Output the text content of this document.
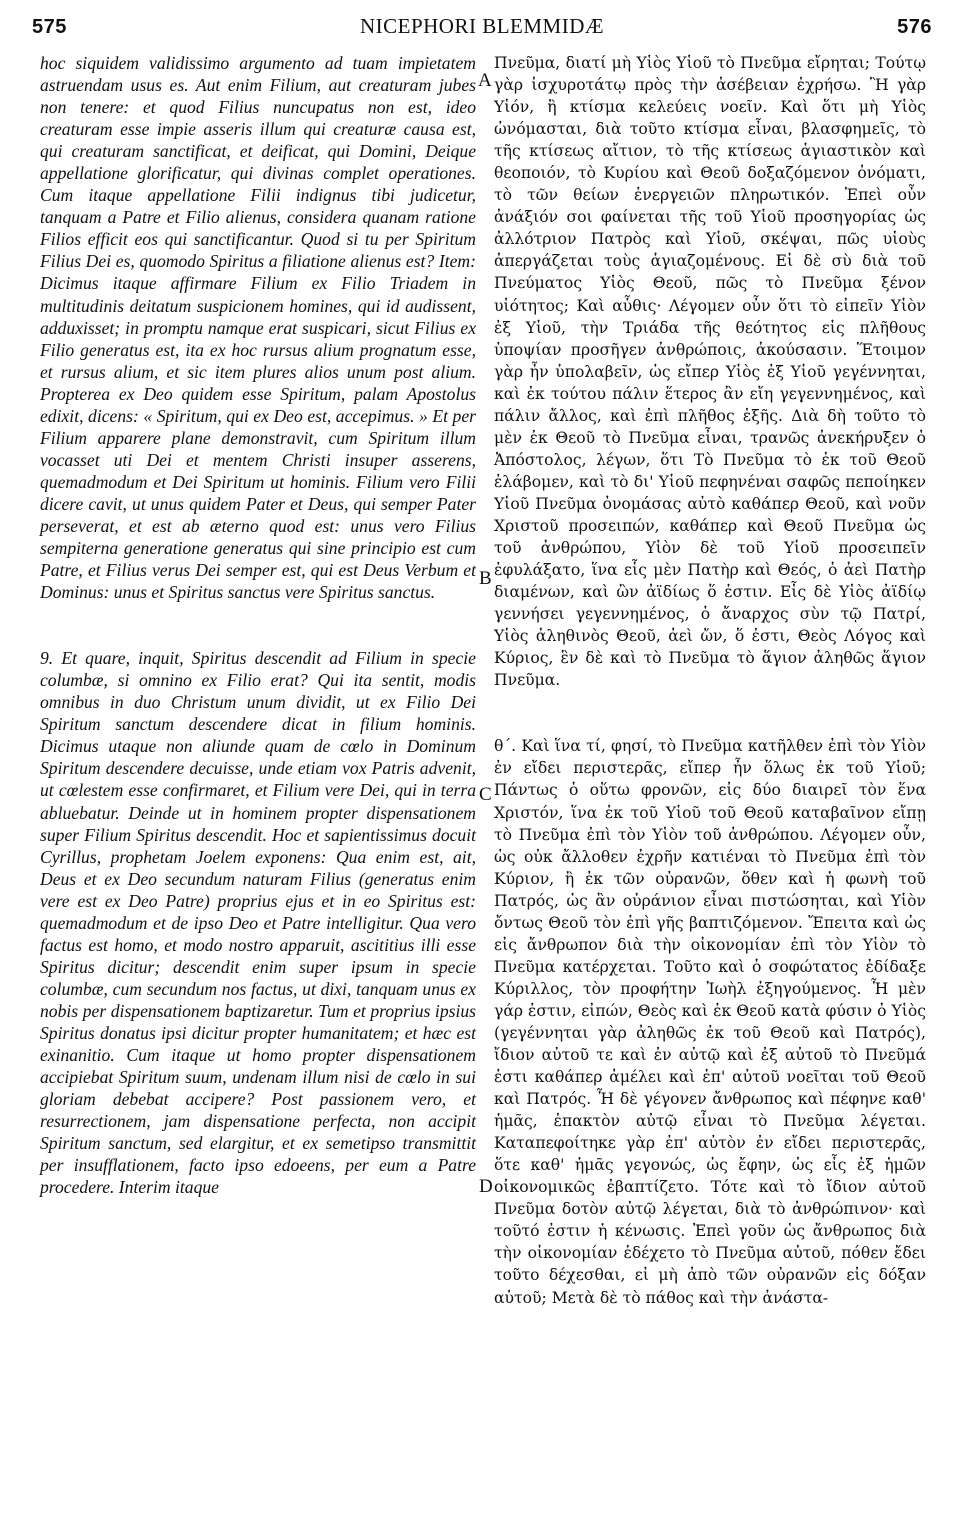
575	NICEPHORI BLEMMIDÆ	576

hoc siquidem validissimo argumento ad tuam impietatem astruendam usus es. Aut enim Filium, aut creaturam jubes non tenere: et quod Filius nuncupatus non est, ideo creaturam esse impie asseris illum qui creaturæ causa est, qui creaturam sanctificat, et deificat, qui Domini, Deique appellatione glorificatur, qui divinas complet operationes. Cum itaque appellatione Filii indignus tibi judicetur, tanquam a Patre et Filio alienus, considera quanam ratione Filios efficit eos qui sanctificantur. Quod si tu per Spiritum Filius Dei es, quomodo Spiritus a filiatione alienus est? Item: Dicimus itaque affirmare Filium ex Filio Triadem in multitudinis deitatum suspicionem homines, qui id audissent, adduxisset; in promptu namque erat suspicari, sicut Filius ex Filio generatus est, ita ex hoc rursus alium prognatum esse, et rursus alium, et sic item plures alios unum post alium. Propterea ex Deo quidem esse Spiritum, palam Apostolus edixit, dicens: « Spiritum, qui ex Deo est, accepimus. » Et per Filium apparere plane demonstravit, cum Spiritum illum vocasset uti Dei et mentem Christi insuper asserens, quemadmodum et Dei Spiritum ut hominis. Filium vero Filii dicere cavit, ut unus quidem Pater et Deus, qui semper Pater perseverat, et est ab æterno quod est: unus vero Filius sempiterna generatione generatus qui sine principio est cum Patre, et Filius verus Dei semper est, qui est Deus Verbum et Dominus: unus et Spiritus sanctus vere Spiritus sanctus.

9. Et quare, inquit, Spiritus descendit ad Filium in specie columbæ, si omnino ex Filio erat? Qui ita sentit, modis omnibus in duo Christum unum dividit, ut ex Filio Dei Spiritum sanctum descendere dicat in filium hominis. Dicimus utaque non aliunde quam de cœlo in Dominum Spiritum descendere decuisse, unde etiam vox Patris advenit, ut cœlestem esse confirmaret, et Filium vere Dei, qui in terra abluebatur. Deinde ut in hominem propter dispensationem super Filium Spiritus descendit. Hoc et sapientissimus docuit Cyrillus, prophetam Joelem exponens: Qua enim est, ait, Deus et ex Deo secundum naturam Filius (generatus enim vere est ex Deo Patre) proprius ejus et in eo Spiritus est: quemadmodum et de ipso Deo et Patre intelligitur. Qua vero factus est homo, et modo nostro apparuit, ascititius illi esse Spiritus dicitur; descendit enim super ipsum in specie columbæ, cum secundum nos factus, ut dixi, tanquam unus ex nobis per dispensationem baptizaretur. Tum et proprius ipsius Spiritus donatus ipsi dicitur propter humanitatem; et hæc est exinanitio. Cum itaque ut homo propter dispensationem accipiebat Spiritum suum, undenam illum nisi de cœlo in sui gloriam debebat accipere? Post passionem vero, et resurrectionem, jam dispensatione perfecta, non accipit Spiritum sanctum, sed elargitur, et ex semetipso transmittit per insufflationem, facto ipso edoeens, per eum a Patre procedere. Interim itaque

Πνεῦμα, διατί μὴ Υἱὸς Υἱοῦ τὸ Πνεῦμα εἴρηται; Τούτῳ γὰρ ἰσχυροτάτῳ πρὸς τὴν ἀσέβειαν ἐχρήσω. Ἢ γὰρ Υἱόν, ἢ κτίσμα κελεύεις νοεῖν. Καὶ ὅτι μὴ Υἱὸς ὠνόμασται, διὰ τοῦτο κτίσμα εἶναι, βλασφημεῖς, τὸ τῆς κτίσεως αἴτιον, τὸ τῆς κτίσεως ἁγιαστικὸν καὶ θεοποιόν, τὸ Κυρίου καὶ Θεοῦ δοξαζόμενον ὀνόματι, τὸ τῶν θείων ἐνεργειῶν πληρωτικόν. Ἐπεὶ οὖν ἀνάξιόν σοι φαίνεται τῆς τοῦ Υἱοῦ προσηγορίας ὡς ἀλλότριον Πατρὸς καὶ Υἱοῦ, σκέψαι, πῶς υἱοὺς ἀπεργάζεται τοὺς ἁγιαζομένους. Εἰ δὲ σὺ διὰ τοῦ Πνεύματος Υἱὸς Θεοῦ, πῶς τὸ Πνεῦμα ξένον υἱότητος; Καὶ αὖθις· Λέγομεν οὖν ὅτι τὸ εἰπεῖν Υἱὸν ἐξ Υἱοῦ, τὴν Τριάδα τῆς θεότητος εἰς πλῆθους ὑποψίαν προσῆγεν ἀνθρώποις, ἀκούσασιν. Ἕτοιμον γὰρ ἦν ὑπολαβεῖν, ὡς εἴπερ Υἱὸς ἐξ Υἱοῦ γεγέννηται, καὶ ἐκ τούτου πάλιν ἕτερος ἂν εἴη γεγεννημένος, καὶ πάλιν ἄλλος, καὶ ἐπὶ πλῆθος ἑξῆς. Διὰ δὴ τοῦτο τὸ μὲν ἐκ Θεοῦ τὸ Πνεῦμα εἶναι, τρανῶς ἀνεκήρυξεν ὁ Ἀπόστολος, λέγων, ὅτι Τὸ Πνεῦμα τὸ ἐκ τοῦ Θεοῦ ἐλάβομεν, καὶ τὸ δι' Υἱοῦ πεφηνέναι σαφῶς πεποίηκεν Υἱοῦ Πνεῦμα ὀνομάσας αὐτὸ καθάπερ Θεοῦ, καὶ νοῦν Χριστοῦ προσειπών, καθάπερ καὶ Θεοῦ Πνεῦμα ὡς τοῦ ἀνθρώπου, Υἱὸν δὲ τοῦ Υἱοῦ προσειπεῖν ἐφυλάξατο, ἵνα εἷς μὲν Πατὴρ καὶ Θεός, ὁ ἀεὶ Πατὴρ διαμένων, καὶ ὢν ἀϊδίως ὅ ἐστιν. Εἷς δὲ Υἱὸς ἀϊδίῳ γεννήσει γεγεννημένος, ὁ ἄναρχος σὺν τῷ Πατρί, Υἱὸς ἀληθινὸς Θεοῦ, ἀεὶ ὤν, ὅ ἐστι, Θεὸς Λόγος καὶ Κύριος, ἓν δὲ καὶ τὸ Πνεῦμα τὸ ἅγιον ἀληθῶς ἅγιον Πνεῦμα.

θ΄. Καὶ ἵνα τί, φησί, τὸ Πνεῦμα κατῆλθεν ἐπὶ τὸν Υἱὸν ἐν εἴδει περιστερᾶς, εἴπερ ἦν ὅλως ἐκ τοῦ Υἱοῦ; Πάντως ὁ οὕτω φρονῶν, εἰς δύο διαιρεῖ τὸν ἕνα Χριστόν, ἵνα ἐκ τοῦ Υἱοῦ τοῦ Θεοῦ καταβαῖνον εἴπῃ τὸ Πνεῦμα ἐπὶ τὸν Υἱὸν τοῦ ἀνθρώπου. Λέγομεν οὖν, ὡς οὐκ ἄλλοθεν ἐχρῆν κατιέναι τὸ Πνεῦμα ἐπὶ τὸν Κύριον, ἢ ἐκ τῶν οὐρανῶν, ὅθεν καὶ ἡ φωνὴ τοῦ Πατρός, ὡς ἂν οὐράνιον εἶναι πιστώσηται, καὶ Υἱὸν ὄντως Θεοῦ τὸν ἐπὶ γῆς βαπτιζόμενον. Ἔπειτα καὶ ὡς εἰς ἄνθρωπον διὰ τὴν οἰκονομίαν ἐπὶ τὸν Υἱὸν τὸ Πνεῦμα κατέρχεται. Τοῦτο καὶ ὁ σοφώτατος ἐδίδαξε Κύριλλος, τὸν προφήτην Ἰωὴλ ἐξηγούμενος. Ἧ μὲν γάρ ἐστιν, εἰπών, Θεὸς καὶ ἐκ Θεοῦ κατὰ φύσιν ὁ Υἱὸς (γεγέννηται γὰρ ἀληθῶς ἐκ τοῦ Θεοῦ καὶ Πατρός), ἴδιον αὐτοῦ τε καὶ ἐν αὐτῷ καὶ ἐξ αὐτοῦ τὸ Πνεῦμά ἐστι καθάπερ ἀμέλει καὶ ἐπ' αὐτοῦ νοεῖται τοῦ Θεοῦ καὶ Πατρός. Ἧ δὲ γέγονεν ἄνθρωπος καὶ πέφηνε καθ' ἡμᾶς, ἐπακτὸν αὐτῷ εἶναι τὸ Πνεῦμα λέγεται. Καταπεφοίτηκε γὰρ ἐπ' αὐτὸν ἐν εἴδει περιστερᾶς, ὅτε καθ' ἡμᾶς γεγονώς, ὡς ἔφην, ὡς εἷς ἐξ ἡμῶν οἰκονομικῶς ἐβαπτίζετο. Τότε καὶ τὸ ἴδιον αὐτοῦ Πνεῦμα δοτὸν αὐτῷ λέγεται, διὰ τὸ ἀνθρώπινον· καὶ τοῦτό ἐστιν ἡ κένωσις. Ἐπεὶ γοῦν ὡς ἄνθρωπος διὰ τὴν οἰκονομίαν ἐδέχετο τὸ Πνεῦμα αὐτοῦ, πόθεν ἔδει τοῦτο δέχεσθαι, εἰ μὴ ἀπὸ τῶν οὐρανῶν εἰς δόξαν αὐτοῦ; Μετὰ δὲ τὸ πάθος καὶ τὴν ἀνάστα-

A
B
C
D
